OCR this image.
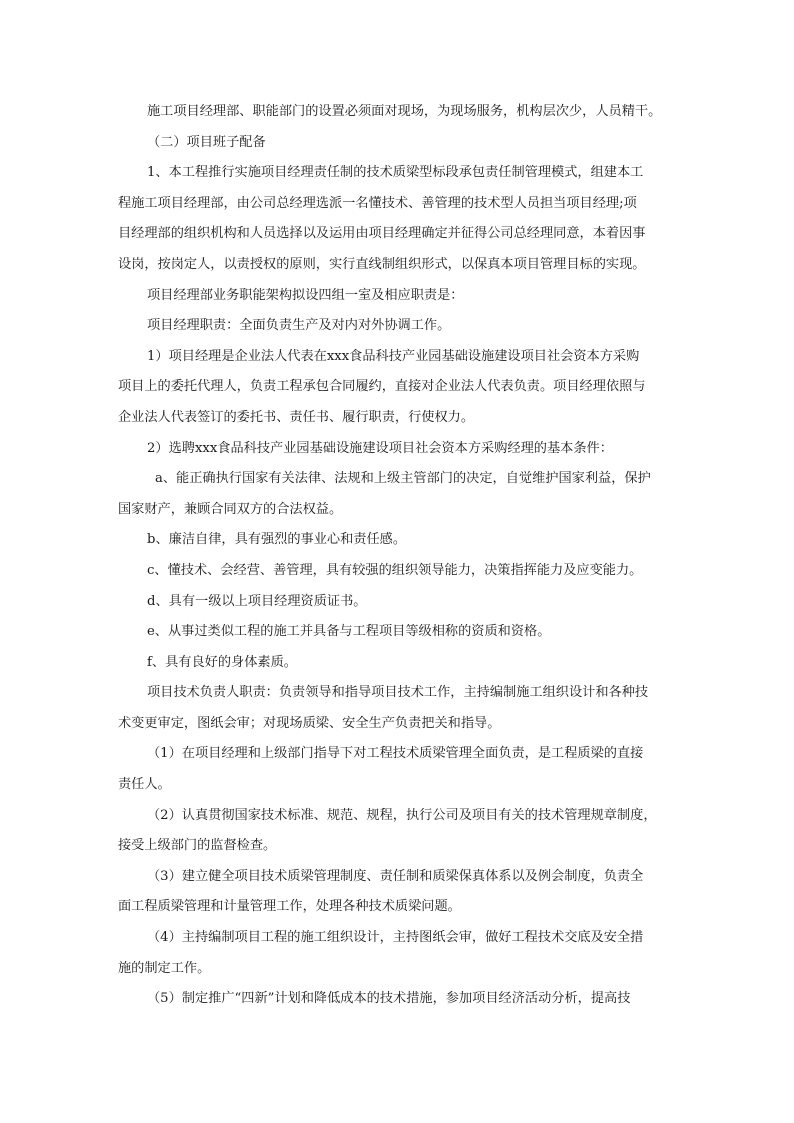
施工项目经理部、职能部门的设置必须面对现场，为现场服务，机构层次少，人员精干。
（二）项目班子配备
1、本工程推行实施项目经理责任制的技术质梁型标段承包责任制管理模式，组建本工
程施工项目经理部，由公司总经理选派一名懂技术、善管理的技术型人员担当项目经理;项
目经理部的组织机构和人员选择以及运用由项目经理确定并征得公司总经理同意，本着因事
设岗，按岗定人，以责授权的原则，实行直线制组织形式，以保真本项目管理目标的实现。
项目经理部业务职能架构拟设四组一室及相应职责是：
项目经理职责：全面负责生产及对内对外协调工作。
1）项目经理是企业法人代表在xxx食品科技产业园基础设施建设项目社会资本方采购
项目上的委托代理人，负责工程承包合同履约，直接对企业法人代表负责。项目经理依照与
企业法人代表签订的委托书、责任书、履行职责，行使权力。
2）选聘xxx食品科技产业园基础设施建设项目社会资本方采购经理的基本条件：
a、能正确执行国家有关法律、法规和上级主管部门的决定，自觉维护国家利益，保护
国家财产，兼顾合同双方的合法权益。
b、廉洁自律，具有强烈的事业心和责任感。
c、懂技术、会经营、善管理，具有较强的组织领导能力，决策指挥能力及应变能力。
d、具有一级以上项目经理资质证书。
e、从事过类似工程的施工并具备与工程项目等级相称的资质和资格。
f、具有良好的身体素质。
项目技术负责人职责：负责领导和指导项目技术工作，主持编制施工组织设计和各种技
术变更审定，图纸会审；对现场质梁、安全生产负责把关和指导。
（1）在项目经理和上级部门指导下对工程技术质梁管理全面负责，是工程质梁的直接
责任人。
（2）认真贯彻国家技术标准、规范、规程，执行公司及项目有关的技术管理规章制度，
接受上级部门的监督检查。
（3）建立健全项目技术质梁管理制度、责任制和质梁保真体系以及例会制度，负责全
面工程质梁管理和计量管理工作，处理各种技术质梁问题。
（4）主持编制项目工程的施工组织设计，主持图纸会审，做好工程技术交底及安全措
施的制定工作。
（5）制定推广“四新”计划和降低成本的技术措施，参加项目经济活动分析，提高技
